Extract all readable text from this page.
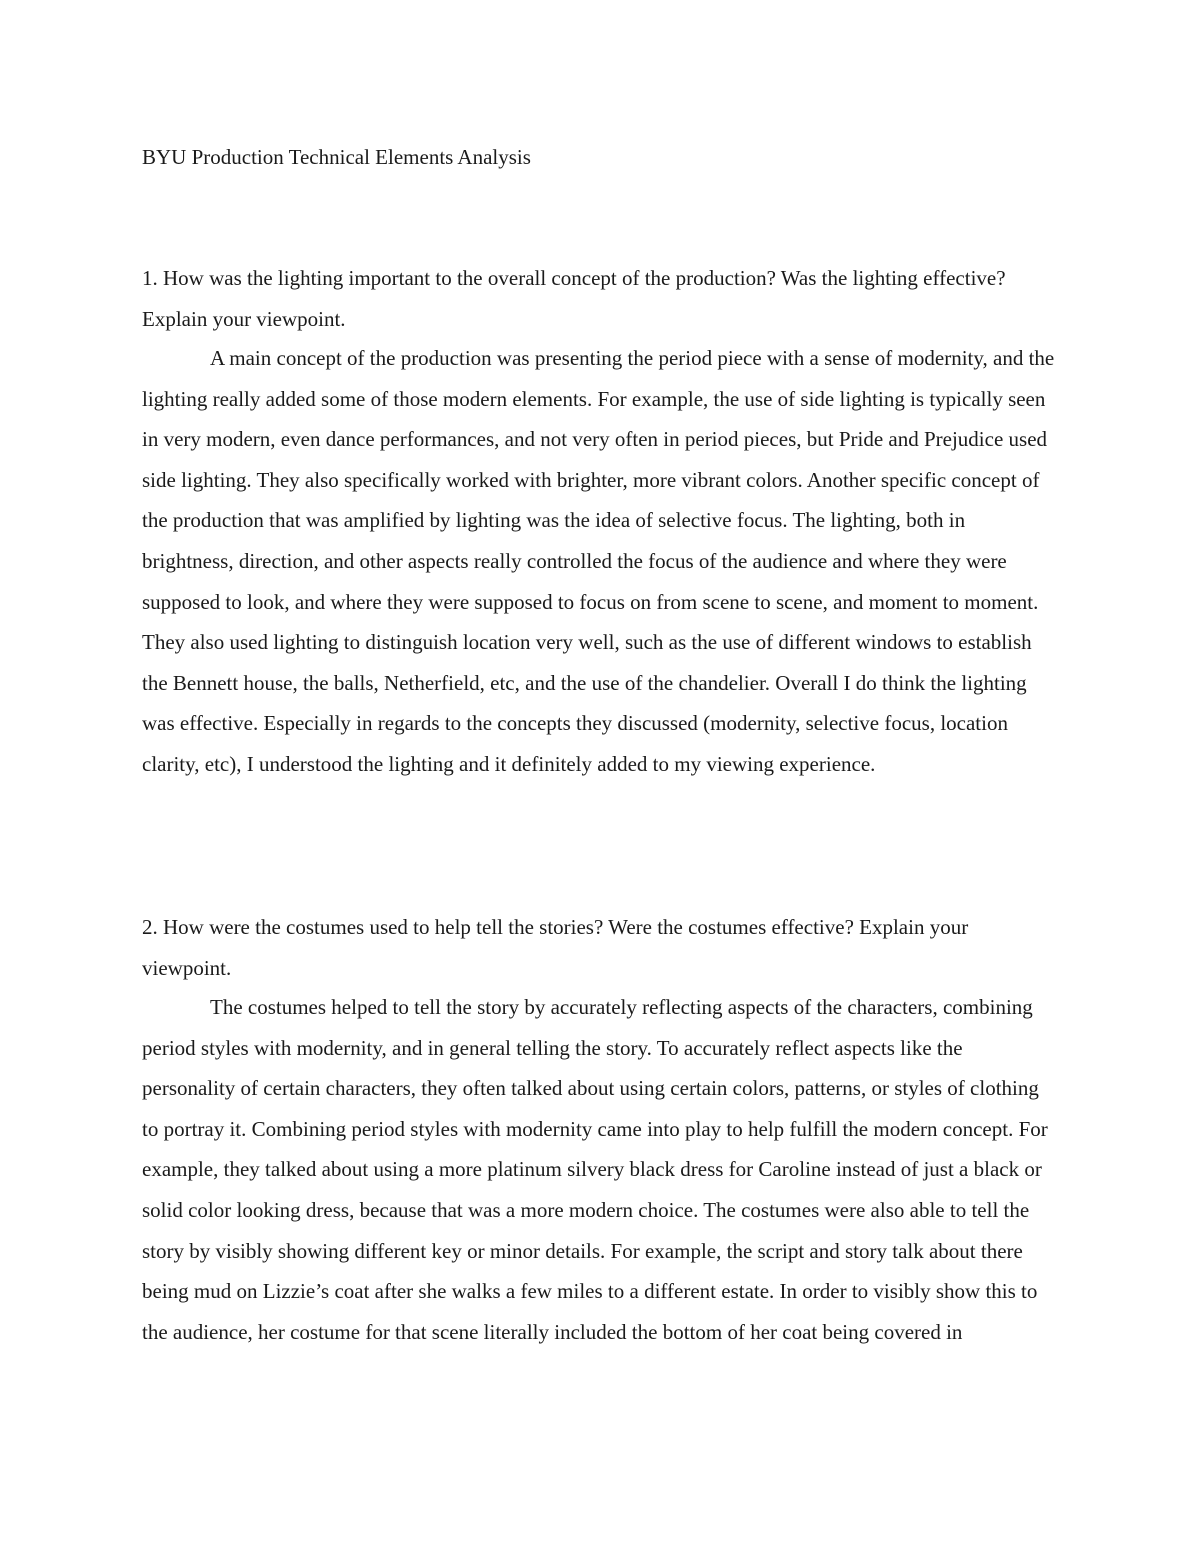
BYU Production Technical Elements Analysis
1. How was the lighting important to the overall concept of the production? Was the lighting effective? Explain your viewpoint.
A main concept of the production was presenting the period piece with a sense of modernity, and the lighting really added some of those modern elements. For example, the use of side lighting is typically seen in very modern, even dance performances, and not very often in period pieces, but Pride and Prejudice used side lighting. They also specifically worked with brighter, more vibrant colors. Another specific concept of the production that was amplified by lighting was the idea of selective focus. The lighting, both in brightness, direction, and other aspects really controlled the focus of the audience and where they were supposed to look, and where they were supposed to focus on from scene to scene, and moment to moment. They also used lighting to distinguish location very well, such as the use of different windows to establish the Bennett house, the balls, Netherfield, etc, and the use of the chandelier. Overall I do think the lighting was effective. Especially in regards to the concepts they discussed (modernity, selective focus, location clarity, etc), I understood the lighting and it definitely added to my viewing experience.
2. How were the costumes used to help tell the stories? Were the costumes effective? Explain your viewpoint.
The costumes helped to tell the story by accurately reflecting aspects of the characters, combining period styles with modernity, and in general telling the story. To accurately reflect aspects like the personality of certain characters, they often talked about using certain colors, patterns, or styles of clothing to portray it. Combining period styles with modernity came into play to help fulfill the modern concept. For example, they talked about using a more platinum silvery black dress for Caroline instead of just a black or solid color looking dress, because that was a more modern choice. The costumes were also able to tell the story by visibly showing different key or minor details. For example, the script and story talk about there being mud on Lizzie’s coat after she walks a few miles to a different estate. In order to visibly show this to the audience, her costume for that scene literally included the bottom of her coat being covered in
